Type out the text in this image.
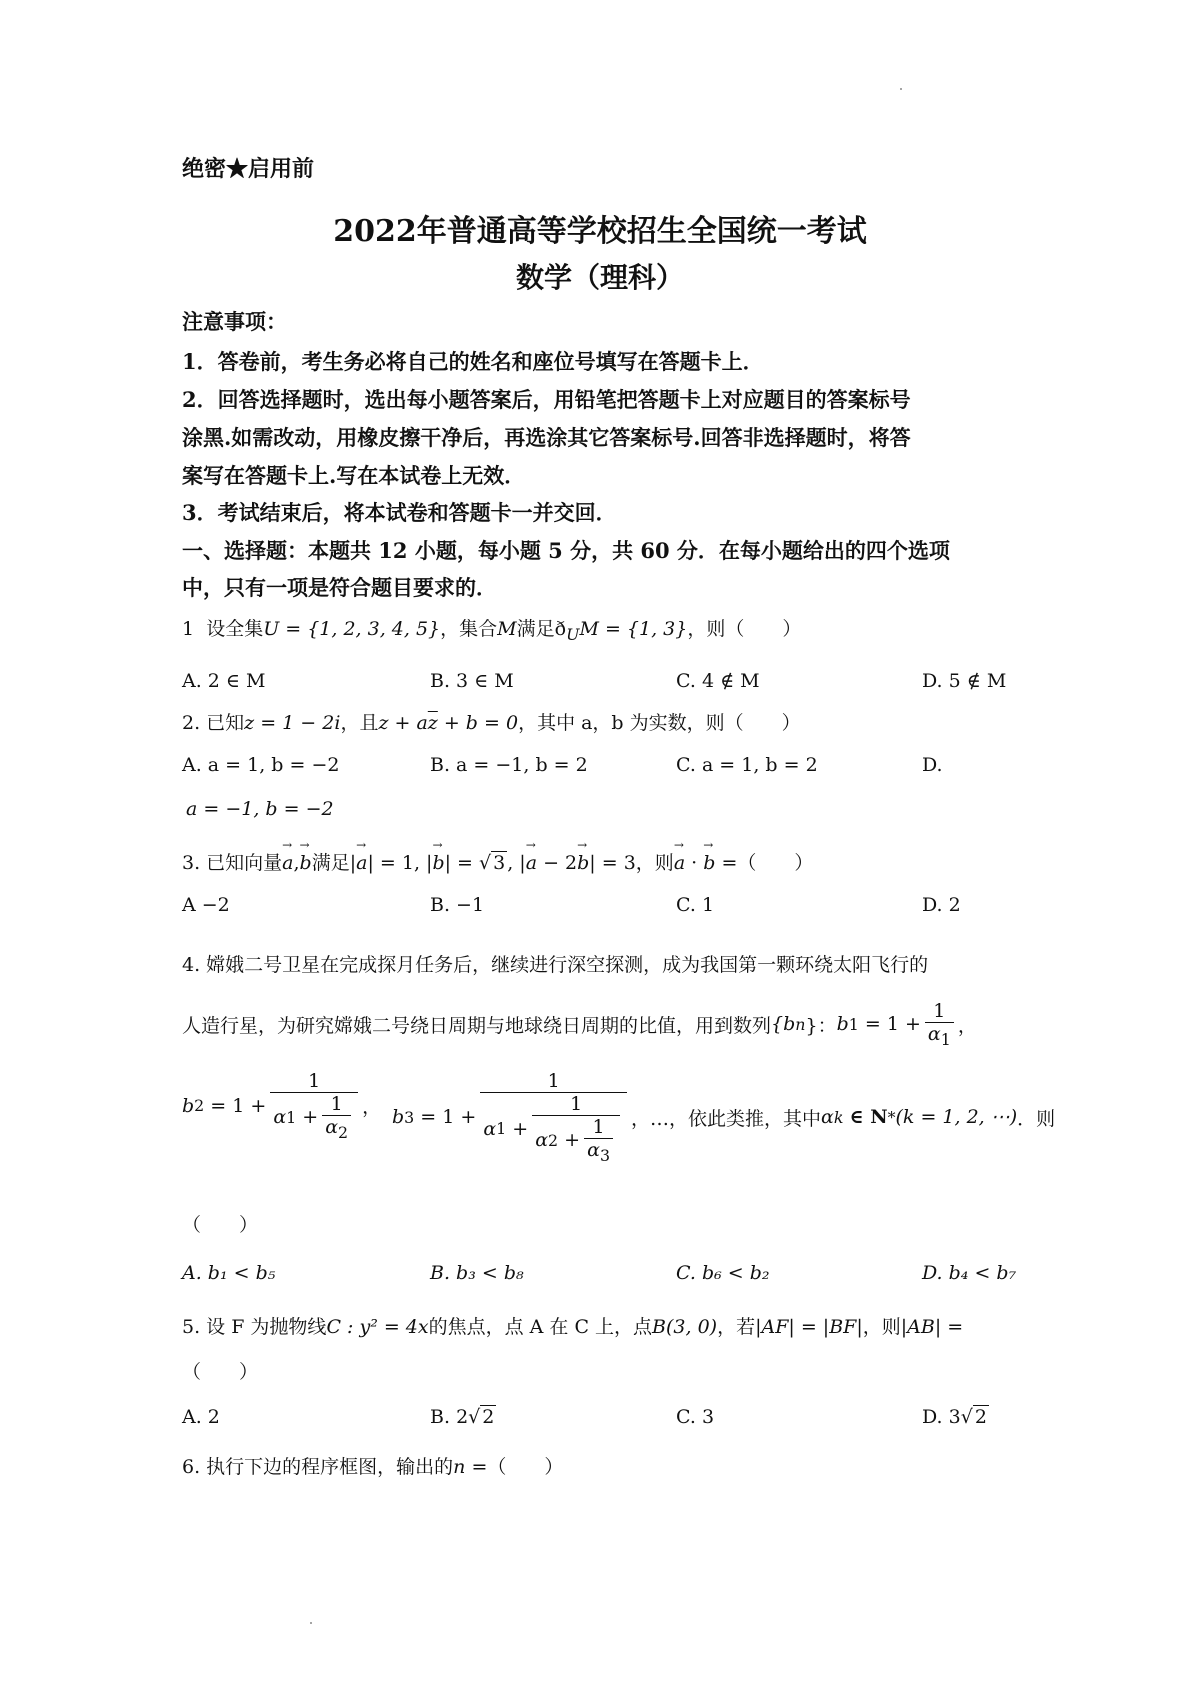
绝密★启用前
2022年普通高等学校招生全国统一考试
数学（理科）
注意事项：
1．答卷前，考生务必将自己的姓名和座位号填写在答题卡上．
2．回答选择题时，选出每小题答案后，用铅笔把答题卡上对应题目的答案标号
涂黑.如需改动，用橡皮擦干净后，再选涂其它答案标号.回答非选择题时，将答
案写在答题卡上.写在本试卷上无效．
3．考试结束后，将本试卷和答题卡一并交回．
一、选择题：本题共 12 小题，每小题 5 分，共 60 分．在每小题给出的四个选项
中，只有一项是符合题目要求的．
1 设全集U = {1, 2, 3, 4, 5}，集合M满足$ð_UM = \{1$, 3}，则（　　）
A. 2 ∈ M	B. 3 ∈ M	C. 4 ∉ M	D. 5 ∉ M
2. 已知z = 1 − 2i，且$z + a\overline{z} + b = 0$，其中 a，b 为实数，则（　　）
A. a = 1, b = −2	B. a = −1, b = 2	C. a = 1, b = 2	D.
a = −1, b = −2
3. 已知向量→ a,→ b满足|→ a| = 1, |→ b| = √ 3 , |→ a − 2→ b| = 3，则→ a · → b =（　　）
A −2	B. −1	C. 1	D. 2
4. 嫦娥二号卫星在完成探月任务后，继续进行深空探测，成为我国第一颗环绕太阳飞行的
人造行星，为研究嫦娥二号绕日周期与地球绕日周期的比值，用到数列 {b n }： b 1
= $1 + \frac{1}{\alpha_1}$ ，
b 2
= 1 + 1
α 1
+ $\frac{1}{\alpha_2}$ ， b 3
= 1 +
1
α 1
+ 1
α 2
+ $\frac{1}{\alpha_3}$ ，…，依此类推，其中 α k
∈ N * (k = 1, 2, ⋯) ．则
（　　）
A. b₁ < b₅	B. b₃ < b₈	C. b₆ < b₂	D. b₄ < b₇
5. 设 F 为抛物线C : y² = 4x的焦点，点 A 在 C 上，点B(3, 0)，若|AF| = |BF|，则|AB| =
（　　）
A. 2	B. 2√ 2	C. 3	D. 3√ 2
6. 执行下边的程序框图，输出的n =（　　）
